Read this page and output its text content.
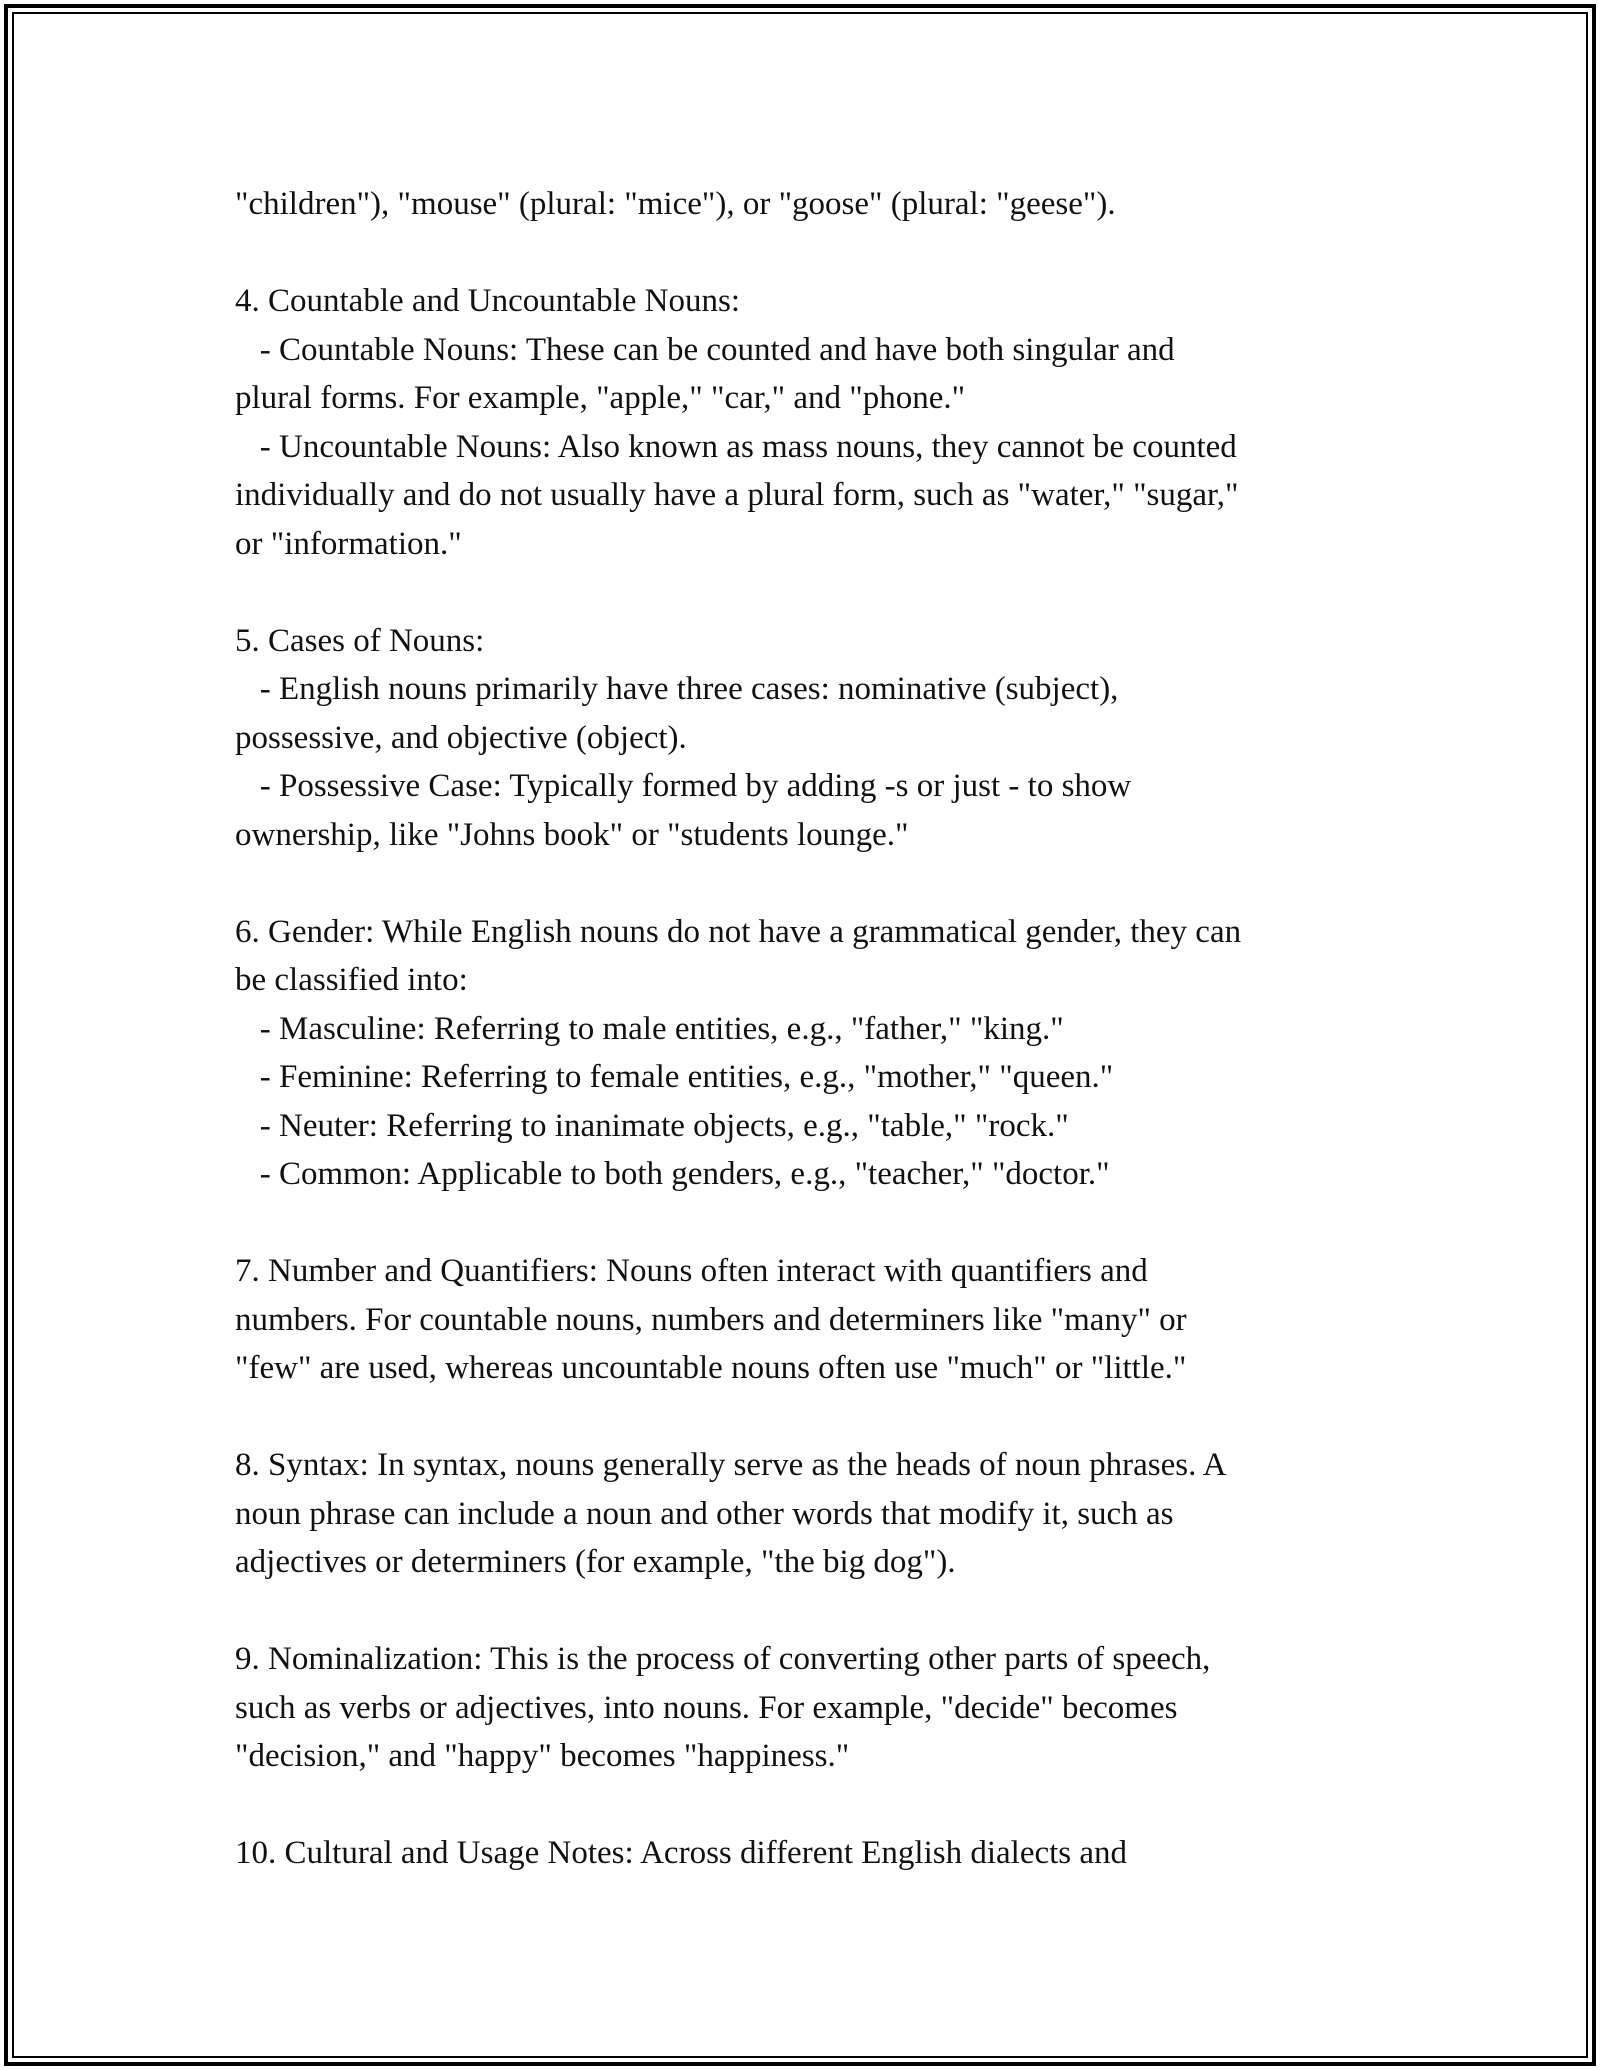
"children"), "mouse" (plural: "mice"), or "goose" (plural: "geese").

4. Countable and Uncountable Nouns:

- Countable Nouns: These can be counted and have both singular and

plural forms. For example, "apple," "car," and "phone."

- Uncountable Nouns: Also known as mass nouns, they cannot be counted

individually and do not usually have a plural form, such as "water," "sugar,"

or "information."

5. Cases of Nouns:

- English nouns primarily have three cases: nominative (subject),

possessive, and objective (object).

- Possessive Case: Typically formed by adding -s or just - to show

ownership, like "Johns book" or "students lounge."

6. Gender: While English nouns do not have a grammatical gender, they can

be classified into:

- Masculine: Referring to male entities, e.g., "father," "king."

- Feminine: Referring to female entities, e.g., "mother," "queen."

- Neuter: Referring to inanimate objects, e.g., "table," "rock."

- Common: Applicable to both genders, e.g., "teacher," "doctor."

7. Number and Quantifiers: Nouns often interact with quantifiers and

numbers. For countable nouns, numbers and determiners like "many" or

"few" are used, whereas uncountable nouns often use "much" or "little."

8. Syntax: In syntax, nouns generally serve as the heads of noun phrases. A

noun phrase can include a noun and other words that modify it, such as

adjectives or determiners (for example, "the big dog").

9. Nominalization: This is the process of converting other parts of speech,

such as verbs or adjectives, into nouns. For example, "decide" becomes

"decision," and "happy" becomes "happiness."

10. Cultural and Usage Notes: Across different English dialects and
